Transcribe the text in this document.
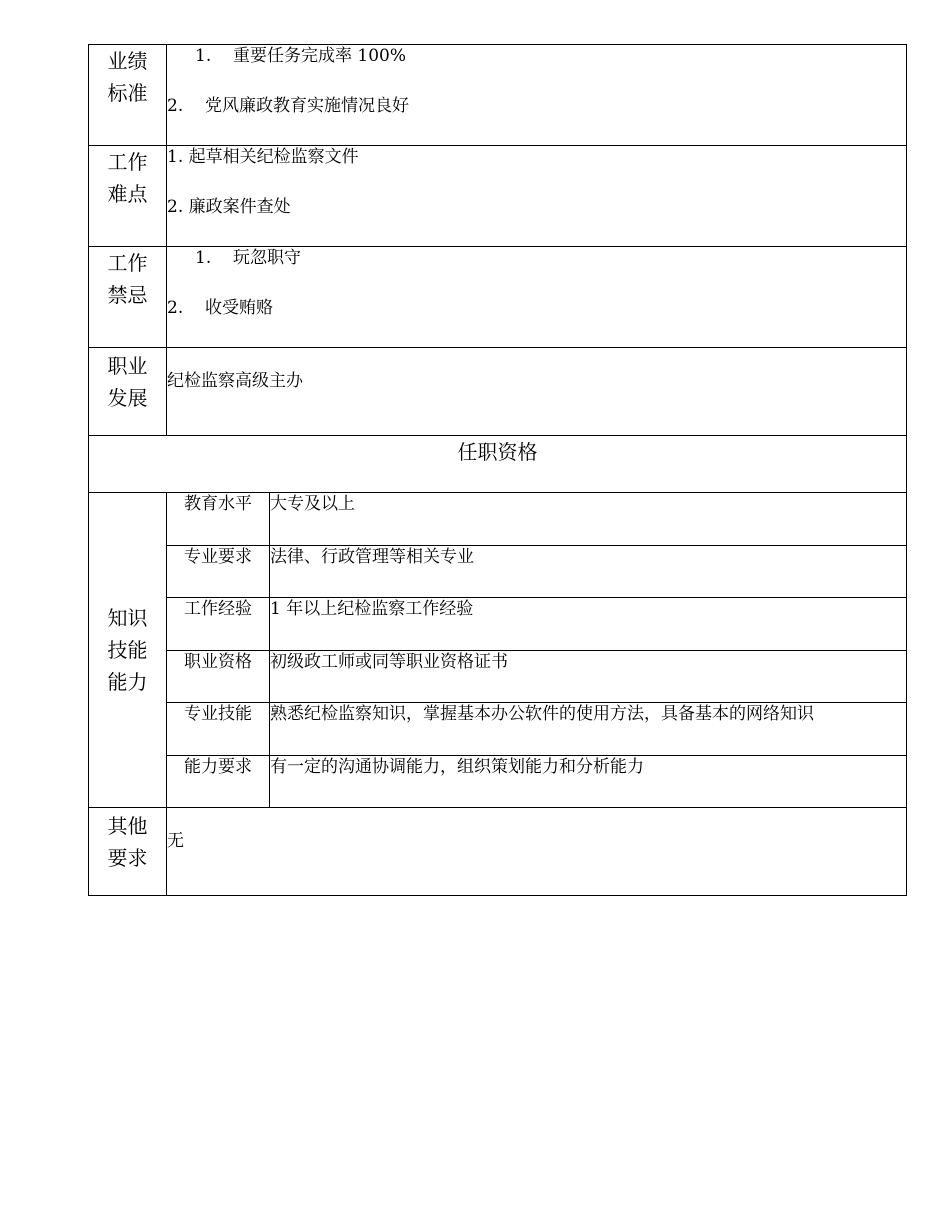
业绩
标准	1. 重要任务完成率 100%
2. 党风廉政教育实施情况良好	

工作
难点	1. 起草相关纪检监察文件
2. 廉政案件查处	

工作
禁忌	1. 玩忽职守
2. 收受贿赂	

职业
发展	纪检监察高级主办	

任职资格		

知识
技能
能力	教育水平	大专及以上
	专业要求	法律、行政管理等相关专业
	工作经验	1 年以上纪检监察工作经验
	职业资格	初级政工师或同等职业资格证书
	专业技能	熟悉纪检监察知识，掌握基本办公软件的使用方法，具备基本的网络知识
	能力要求	有一定的沟通协调能力，组织策划能力和分析能力

其他
要求	无	
